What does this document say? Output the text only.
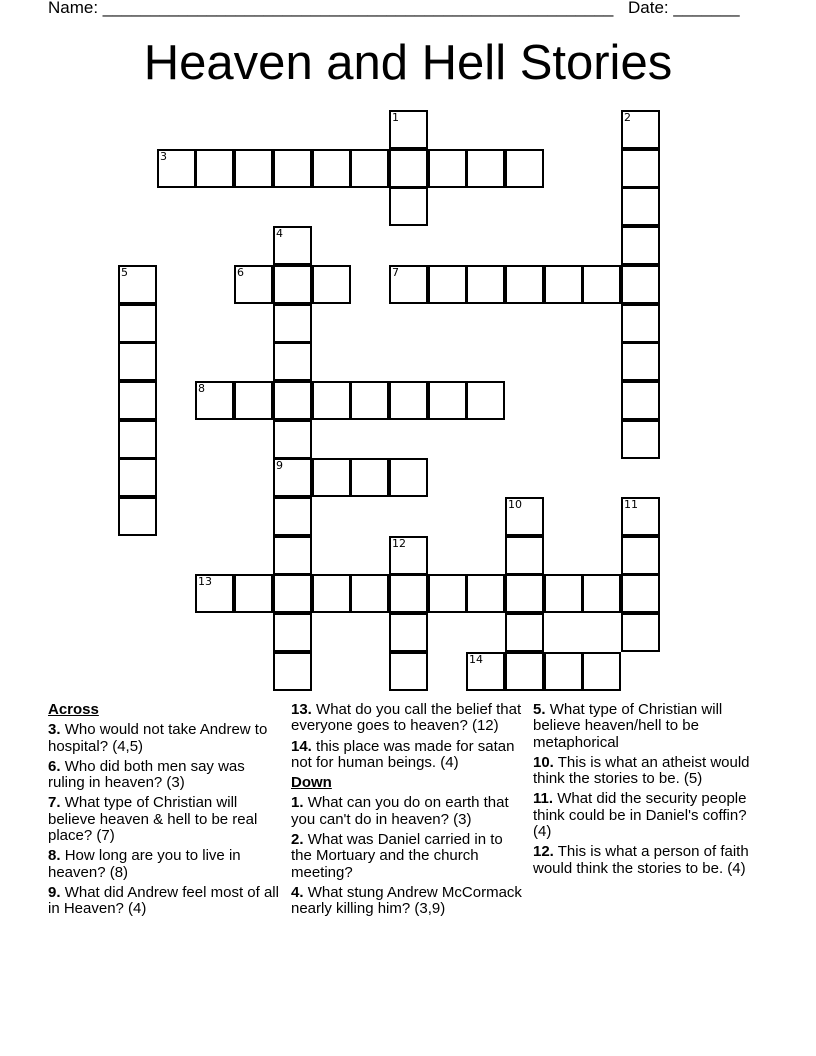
Name: ______________________________________________________ Date: _______
Heaven and Hell Stories
1	2
3
4
9
5	6	7
8
10	11
12
13
14
Across
3. Who would not take Andrew to hospital? (4,5)
6. Who did both men say was ruling in heaven? (3)
7. What type of Christian will believe heaven & hell to be real place? (7)
8. How long are you to live in heaven? (8)
9. What did Andrew feel most of all in Heaven? (4)
13. What do you call the belief that everyone goes to heaven? (12)
14. this place was made for satan not for human beings. (4)
Down
1. What can you do on earth that you can't do in heaven? (3)
2. What was Daniel carried in to the Mortuary and the church meeting?
4. What stung Andrew McCormack nearly killing him? (3,9)
5. What type of Christian will believe heaven/hell to be metaphorical
10. This is what an atheist would think the stories to be. (5)
11. What did the security people think could be in Daniel's coffin? (4)
12. This is what a person of faith would think the stories to be. (4)
